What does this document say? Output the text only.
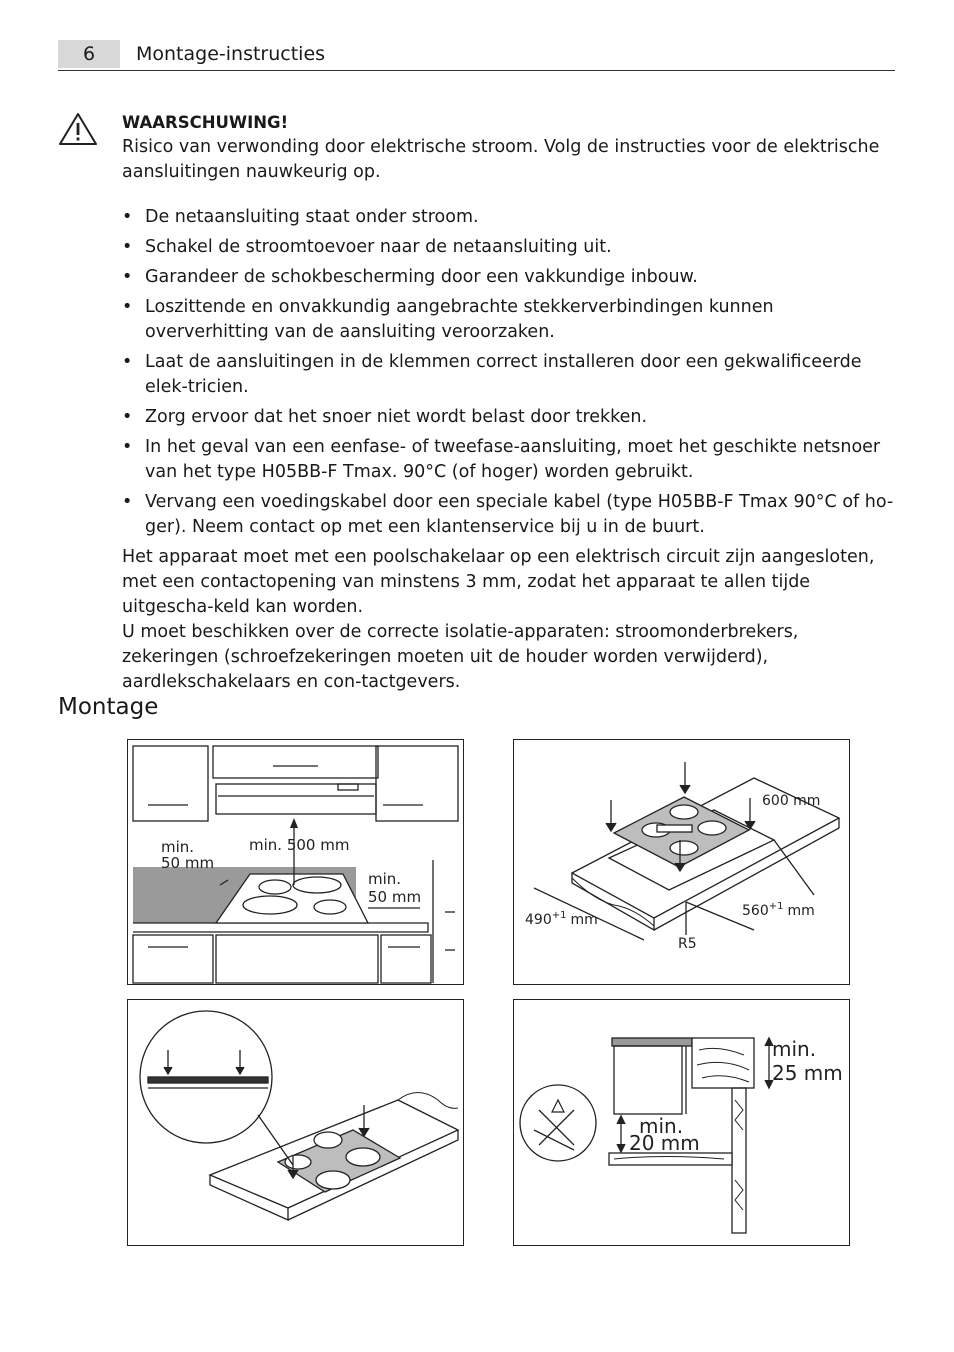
6	Montage-instructies
WAARSCHUWING!

Risico van verwonding door elektrische stroom. Volg de instructies voor de elektrische aansluitingen nauwkeurig op.

• De netaansluiting staat onder stroom.
• Schakel de stroomtoevoer naar de netaansluiting uit.
• Garandeer de schokbescherming door een vakkundige inbouw.
• Loszittende en onvakkundig aangebrachte stekkerverbindingen kunnen oververhitting van de aansluiting veroorzaken.
• Laat de aansluitingen in de klemmen correct installeren door een gekwalificeerde elek-tricien.
• Zorg ervoor dat het snoer niet wordt belast door trekken.
• In het geval van een eenfase- of tweefase-aansluiting, moet het geschikte netsnoer van het type H05BB-F Tmax. 90°C (of hoger) worden gebruikt.
• Vervang een voedingskabel door een speciale kabel (type H05BB-F Tmax 90°C of ho-ger). Neem contact op met een klantenservice bij u in de buurt.

Het apparaat moet met een poolschakelaar op een elektrisch circuit zijn aangesloten, met een contactopening van minstens 3 mm, zodat het apparaat te allen tijde uitgescha-keld kan worden.

U moet beschikken over de correcte isolatie-apparaten: stroomonderbrekers, zekeringen (schroefzekeringen moeten uit de houder worden verwijderd), aardlekschakelaars en con-tactgevers.

Montage
min.
50 mm
min. 500 mm
min.
50 mm
600 mm
$490^{+1}$ mm
$560^{+1}$ mm
R5
min.
25 mm
min.
20 mm
